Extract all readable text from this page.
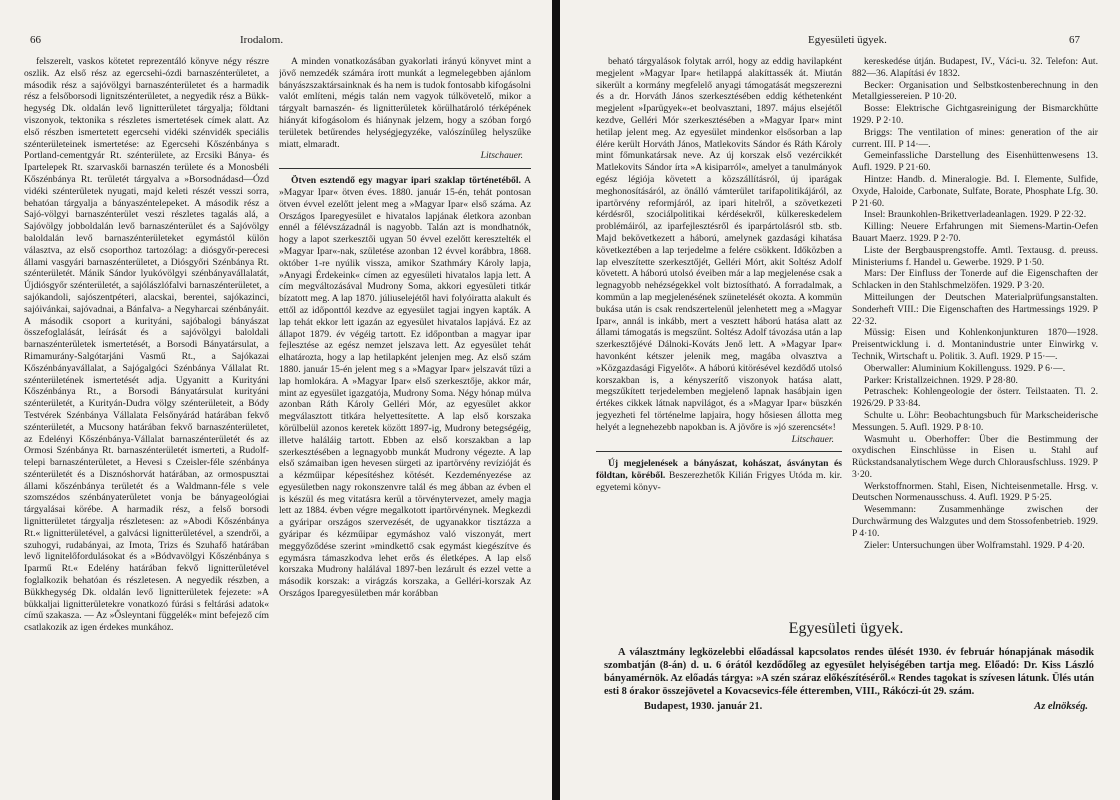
66	Irodalom.

felszerelt, vaskos kötetet reprezentáló könyve négy részre oszlik. Az első rész az egercsehi-ózdi barnaszénterületet, a második rész a sajóvölgyi barnaszénterületet és a harmadik rész a felsőborsodi lignitszénterületet, a negyedik rész a Bükk-hegység Dk. oldalán levő lignitterületet tárgyalja; földtani viszonyok, tektonika s részletes ismertetések címek alatt. Az első részben ismertetett egercsehi vidéki szénvidék speciális szénterületeinek ismertetése: az Egercsehi Kőszénbánya s Portland-cementgyár Rt. szénterülete, az Ercsiki Bánya- és Ipartelepek Rt. szarvaskői barnaszén területe és a Monosbéli Kőszénbánya Rt. területét tárgyalva a »Borsodnádasd—Ózd vidéki szénterületek nyugati, majd keleti részét vesszi sorra, behatóan tárgyalja a bányaszéntelepeket. A második rész a Sajó-völgyi barnaszénterület veszi részletes tagalás alá, a Sajóvölgy jobboldalán levő barnaszénterület és a Sajóvölgy baloldalán levő barnaszénterületeket egymástól külön választva, az első csoporthoz tartozólag: a diósgyőr-perecesi állami vasgyári barnaszénterületet, a Diósgyőri Szénbánya Rt. szénterületét. Mánik Sándor lyukóvölgyi szénbányavállalatát, Újdiósgyőr szénterületét, a sajólászlófalvi barnaszénterületet, a sajókandoli, sajószentpéteri, alacskai, berentei, sajókazinci, sajóivánkai, sajóvadnai, a Bánfalva- a Negyharcai szénbányáit. A második csoport a kurityáni, sajóbalogi bányászat összefoglalását, leírását és a sajóvölgyi baloldali barnaszénterületek ismertetését, a Borsodi Bányatársulat, a Rimamurány-Salgótarjáni Vasmű Rt., a Sajókazai Kőszénbányavállalat, a Sajógalgóci Szénbánya Vállalat Rt. szénterületének ismertetését adja. Ugyanitt a Kurityáni Kőszénbánya Rt., a Borsodi Bányatársulat kurityáni szénterületét, a Kurityán-Dudra völgy szénterületeit, a Bódy Testvérek Szénbánya Vállalata Felsőnyárád határában fekvő szénterületét, a Mucsony határában fekvő barnaszénterületet, az Edelényi Kőszénbánya-Vállalat barnaszénterületét és az Ormosi Szénbánya Rt. barnaszénterületét ismerteti, a Rudolf-telepi barnaszénterületet, a Hevesi s Czeisler-féle szénbánya szénterületét és a Disznóshorvát határában, az ormospusztai állami kőszénbánya területét és a Waldmann-féle s vele szomszédos szénbányaterületet vonja be bányageológiai tárgyalásai körébe. A harmadik rész, a felső borsodi lignitterületet tárgyalja részletesen: az »Abodi Kőszénbánya Rt.« lignitterületével, a galvácsi lignitterületével, a szendrői, a szuhogyi, rudabányai, az Imota, Trizs és Szuhafő határában levő lignitelőfordulásokat és a »Bódvavölgyi Kőszénbánya s Iparmű Rt.« Edelény határában fekvő lignitterületével foglalkozik behatóan és részletesen. A negyedik részben, a Bükkhegység Dk. oldalán levő lignitterületek fejezete: »A bükkaljai lignitterületekre vonatkozó fúrási s feltárási adatok« című szakasza. — Az »Ősleyntani függelék« mint befejező cím csatlakozik az igen érdekes munkához.

A minden vonatkozásában gyakorlati irányú könyvet mint a jövő nemzedék számára írott munkát a legmelegebben ajánlom bányászszaktársainknak és ha nem is tudok fontosabb kifogásolni valót említeni, mégis talán nem vagyok túlkövetelő, mikor a tárgyalt barnaszén- és lignitterületek körülhatároló térképének hiányát kifogásolom és hiánynak jelzem, hogy a szóban forgó területek betűrendes helységjegyzéke, valószínűleg helyszűke miatt, elmaradt.

Litschauer.

Ötven esztendő egy magyar ipari szaklap történetéből. A »Magyar Ipar« ötven éves. 1880. január 15-én, tehát pontosan ötven évvel ezelőtt jelent meg a »Magyar Ipar« első száma. Az Országos Iparegyesület e hivatalos lapjának életkora azonban ennél a félévszázadnál is nagyobb. Talán azt is mondhatnók, hogy a lapot szerkesztői ugyan 50 évvel ezelőtt keresztelték el »Magyar Ipar«-nak, születése azonban 12 évvel korábbra, 1868. október 1-re nyúlik vissza, amikor Szathmáry Károly lapja, »Anyagi Érdekeink« címen az egyesületi hivatalos lapja lett. A cím megváltozásával Mudrony Soma, akkori egyesületi titkár bízatott meg. A lap 1870. júliuselejétől havi folyóiratta alakult és ettől az időponttól kezdve az egyesület tagjai ingyen kapták. A lap tehát ekkor lett igazán az egyesület hivatalos lapjává. Ez az állapot 1879. év végéig tartott. Ez időpontban a magyar ipar fejlesztése az egész nemzet jelszava lett. Az egyesület tehát elhatározta, hogy a lap hetilapként jelenjen meg. Az első szám 1880. január 15-én jelent meg s a »Magyar Ipar« jelszavát tűzi a lap homlokára. A »Magyar Ipar« első szerkesztője, akkor már, mint az egyesület igazgatója, Mudrony Soma. Négy hónap múlva azonban Ráth Károly Gelléri Mór, az egyesület akkor megválasztott titkára helyettesítette. A lap első korszaka körülbelül azonos keretek között 1897-ig, Mudrony betegségéig, illetve haláláig tartott. Ebben az első korszakban a lap szerkesztésében a legnagyobb munkát Mudrony végezte. A lap első számaiban igen hevesen sürgeti az ipartörvény revízióját és a kézműipar képesítéshez kötését. Kezdeményezése az egyesületben nagy rokonszenvre talál és meg ábban az évben el is készül és meg vitatásra kerül a törvénytervezet, amely magja lett az 1884. évben végre megalkotott ipartörvénynek. Megkezdi a gyáripar országos szervezését, de ugyanakkor tisztázza a gyáripar és kézműipar egymáshoz való viszonyát, mert meggyőződése szerint »mindkettő csak egymást kiegészítve és egymásra támaszkodva lehet erős és életképes. A lap első korszaka Mudrony halálával 1897-ben lezárult és ezzel vette a második korszak: a virágzás korszaka, a Gelléri-korszak Az Országos Iparegyesületben már korábban

Egyesületi ügyek.	67

beható tárgyalások folytak arról, hogy az eddig havilapként megjelent »Magyar Ipar« hetilappá alakíttassék át. Miután sikerült a kormány megfelelő anyagi támogatását megszerezni és a dr. Horváth János szerkesztésében eddig kéthetenként megjelent »Iparügyek«-et beolvasztani, 1897. május elsejétől kezdve, Gelléri Mór szerkesztésében a »Magyar Ipar« mint hetilap jelent meg. Az egyesület mindenkor elsősorban a lap élére került Horváth János, Matlekovits Sándor és Ráth Károly mint főmunkatársak neve. Az új korszak első vezércikkét Matlekovits Sándor írta »A kisiparról«, amelyet a tanulmányok egész légiója követett a közszállításról, új iparágak meghonosításáról, az önálló vámterület tarifapolitikájáról, az ipartörvény reformjáról, az ipari hitelről, a szövetkezeti kérdésről, szociálpolitikai kérdésekről, külkereskedelem problémáiról, az iparfejlesztésről és iparpártolásról stb. stb. Majd bekövetkezett a háború, amelynek gazdasági kihatása következtében a lap terjedelme a felére csökkent. Időközben a lap elveszítette szerkesztőjét, Gelléri Mórt, akit Soltész Adolf követett. A háború utolsó éveiben már a lap megjelenése csak a legnagyobb nehézségekkel volt biztosítható. A forradalmak, a kommün a lap megjelenésének szünetelését okozta. A kommün bukása után is csak rendszertelenül jelenhetett meg a »Magyar Ipar«, annál is inkább, mert a vesztett háború hatása alatt az állami támogatás is megszűnt. Soltész Adolf távozása után a lap szerkesztőjévé Dálnoki-Kováts Jenő lett. A »Magyar Ipar« havonként kétszer jelenik meg, magába olvasztva a »Közgazdasági Figyelőt«. A háború kitörésével kezdődő utolsó korszakban is, a kényszerítő viszonyok hatása alatt, megszűkített terjedelemben megjelenő lapnak hasábjain igen értékes cikkek látnak napvilágot, és a »Magyar Ipar« büszkén jegyezheti fel történelme lapjaira, hogy hősiesen állotta meg helyét a legnehezebb napokban is. A jövőre is »jó szerencsét«!

Litschauer.

Új megjelenések a bányászat, kohászat, ásványtan és földtan, köréből. Beszerezhetők Kilián Frigyes Utóda m. kir. egyetemi könyv-

kereskedése útján. Budapest, IV., Váci-u. 32. Telefon: Aut. 882—36. Alapítási év 1832.

Becker: Organisation und Selbstkostenberechnung in den Metallgiessereien. P 10·20.

Bosse: Elektrische Gichtgasreinigung der Bismarckhütte 1929. P 2·10.

Briggs: The ventilation of mines: generation of the air current. III. P 14·—.

Gemeinfassliche Darstellung des Eisenhüttenwesens 13. Aufl. 1929. P 21·60.

Hintze: Handb. d. Mineralogie. Bd. I. Elemente, Sulfide, Oxyde, Haloide, Carbonate, Sulfate, Borate, Phosphate Lfg. 30. P 21·60.

Insel: Braunkohlen-Brikettverladeanlagen. 1929. P 22·32.

Killing: Neuere Erfahrungen mit Siemens-Martin-Oefen Bauart Maerz. 1929. P 2·70.

Liste der Bergbausprengstoffe. Amtl. Textausg. d. preuss. Ministeriums f. Handel u. Gewerbe. 1929. P 1·50.

Mars: Der Einfluss der Tonerde auf die Eigenschaften der Schlacken in den Stahlschmelzöfen. 1929. P 3·20.

Mitteilungen der Deutschen Materialprüfungsanstalten. Sonderheft VIII.: Die Eigenschaften des Hartmessings 1929. P 22·32.

Müssig: Eisen und Kohlenkonjunkturen 1870—1928. Preisentwicklung i. d. Montanindustrie unter Einwirkg v. Technik, Wirtschaft u. Politik. 3. Aufl. 1929. P 15·—.

Oberwaller: Aluminium Kokillenguss. 1929. P 6·—.

Parker: Kristallzeichnen. 1929. P 28·80.

Petraschek: Kohlengeologie der österr. Teilstaaten. Tl. 2. 1926/29. P 33·84.

Schulte u. Löhr: Beobachtungsbuch für Markscheiderische Messungen. 5. Aufl. 1929. P 8·10.

Wasmuht u. Oberhoffer: Über die Bestimmung der oxydischen Einschlüsse in Eisen u. Stahl auf Rückstandsanalytischem Wege durch Chlorausfschluss. 1929. P 3·20.

Werkstoffnormen. Stahl, Eisen, Nichteisenmetalle. Hrsg. v. Deutschen Normenausschuss. 4. Aufl. 1929. P 5·25.

Wesemmann: Zusammenhänge zwischen der Durchwärmung des Walzgutes und dem Stossofenbetrieb. 1929. P 4·10.

Zieler: Untersuchungen über Wolframstahl. 1929. P 4·20.

Egyesületi ügyek.

A választmány legközelebbi előadással kapcsolatos rendes ülését 1930. év február hónapjának második szombatján (8-án) d. u. 6 órától kezdődőleg az egyesület helyiségében tartja meg. Előadó: Dr. Kiss László bányamérnök. Az előadás tárgya: »A szén száraz előkészítéséről.« Rendes tagokat is szívesen látunk. Ülés után esti 8 órakor összejövetel a Kovacsevics-féle étteremben, VIII., Rákóczi-út 29. szám.

Budapest, 1930. január 21.	Az elnökség.
